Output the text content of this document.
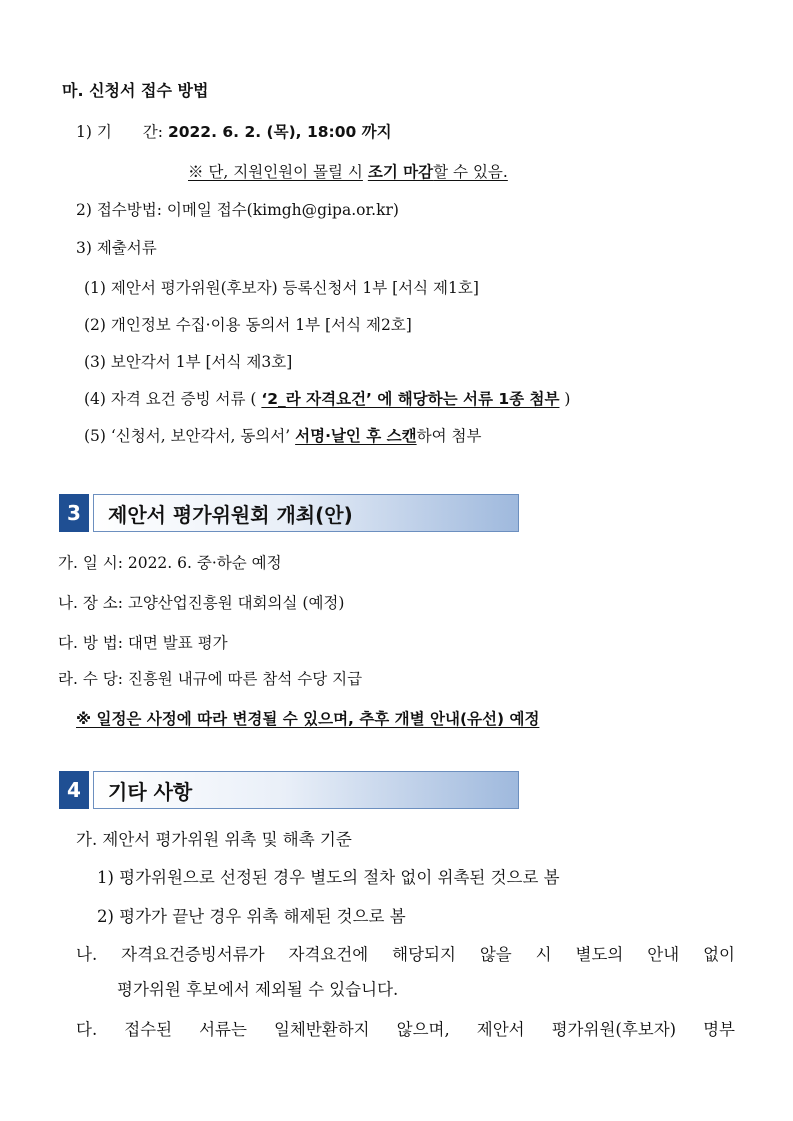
마. 신청서 접수 방법
1) 기　　간: 2022. 6. 2. (목), 18:00 까지
※ 단, 지원인원이 몰릴 시 조기 마감할 수 있음.
2) 접수방법: 이메일 접수(kimgh@gipa.or.kr)
3) 제출서류
(1) 제안서 평가위원(후보자) 등록신청서 1부 [서식 제1호]
(2) 개인정보 수집·이용 동의서 1부 [서식 제2호]
(3) 보안각서 1부 [서식 제3호]
(4) 자격 요건 증빙 서류 ( ‘2_라 자격요건’ 에 해당하는 서류 1종 첨부 )
(5) ‘신청서, 보안각서, 동의서’ 서명·날인 후 스캔하여 첨부
3	제안서 평가위원회 개최(안)
가. 일 시: 2022. 6. 중·하순 예정
나. 장 소: 고양산업진흥원 대회의실 (예정)
다. 방 법: 대면 발표 평가
라. 수 당: 진흥원 내규에 따른 참석 수당 지급
※ 일정은 사정에 따라 변경될 수 있으며, 추후 개별 안내(유선) 예정
4	기타 사항
가. 제안서 평가위원 위촉 및 해촉 기준
1) 평가위원으로 선정된 경우 별도의 절차 없이 위촉된 것으로 봄
2) 평가가 끝난 경우 위촉 해제된 것으로 봄
나. 자격요건증빙서류가 자격요건에 해당되지 않을 시 별도의 안내 없이
평가위원 후보에서 제외될 수 있습니다.
다. 접수된 서류는 일체반환하지 않으며, 제안서 평가위원(후보자) 명부
